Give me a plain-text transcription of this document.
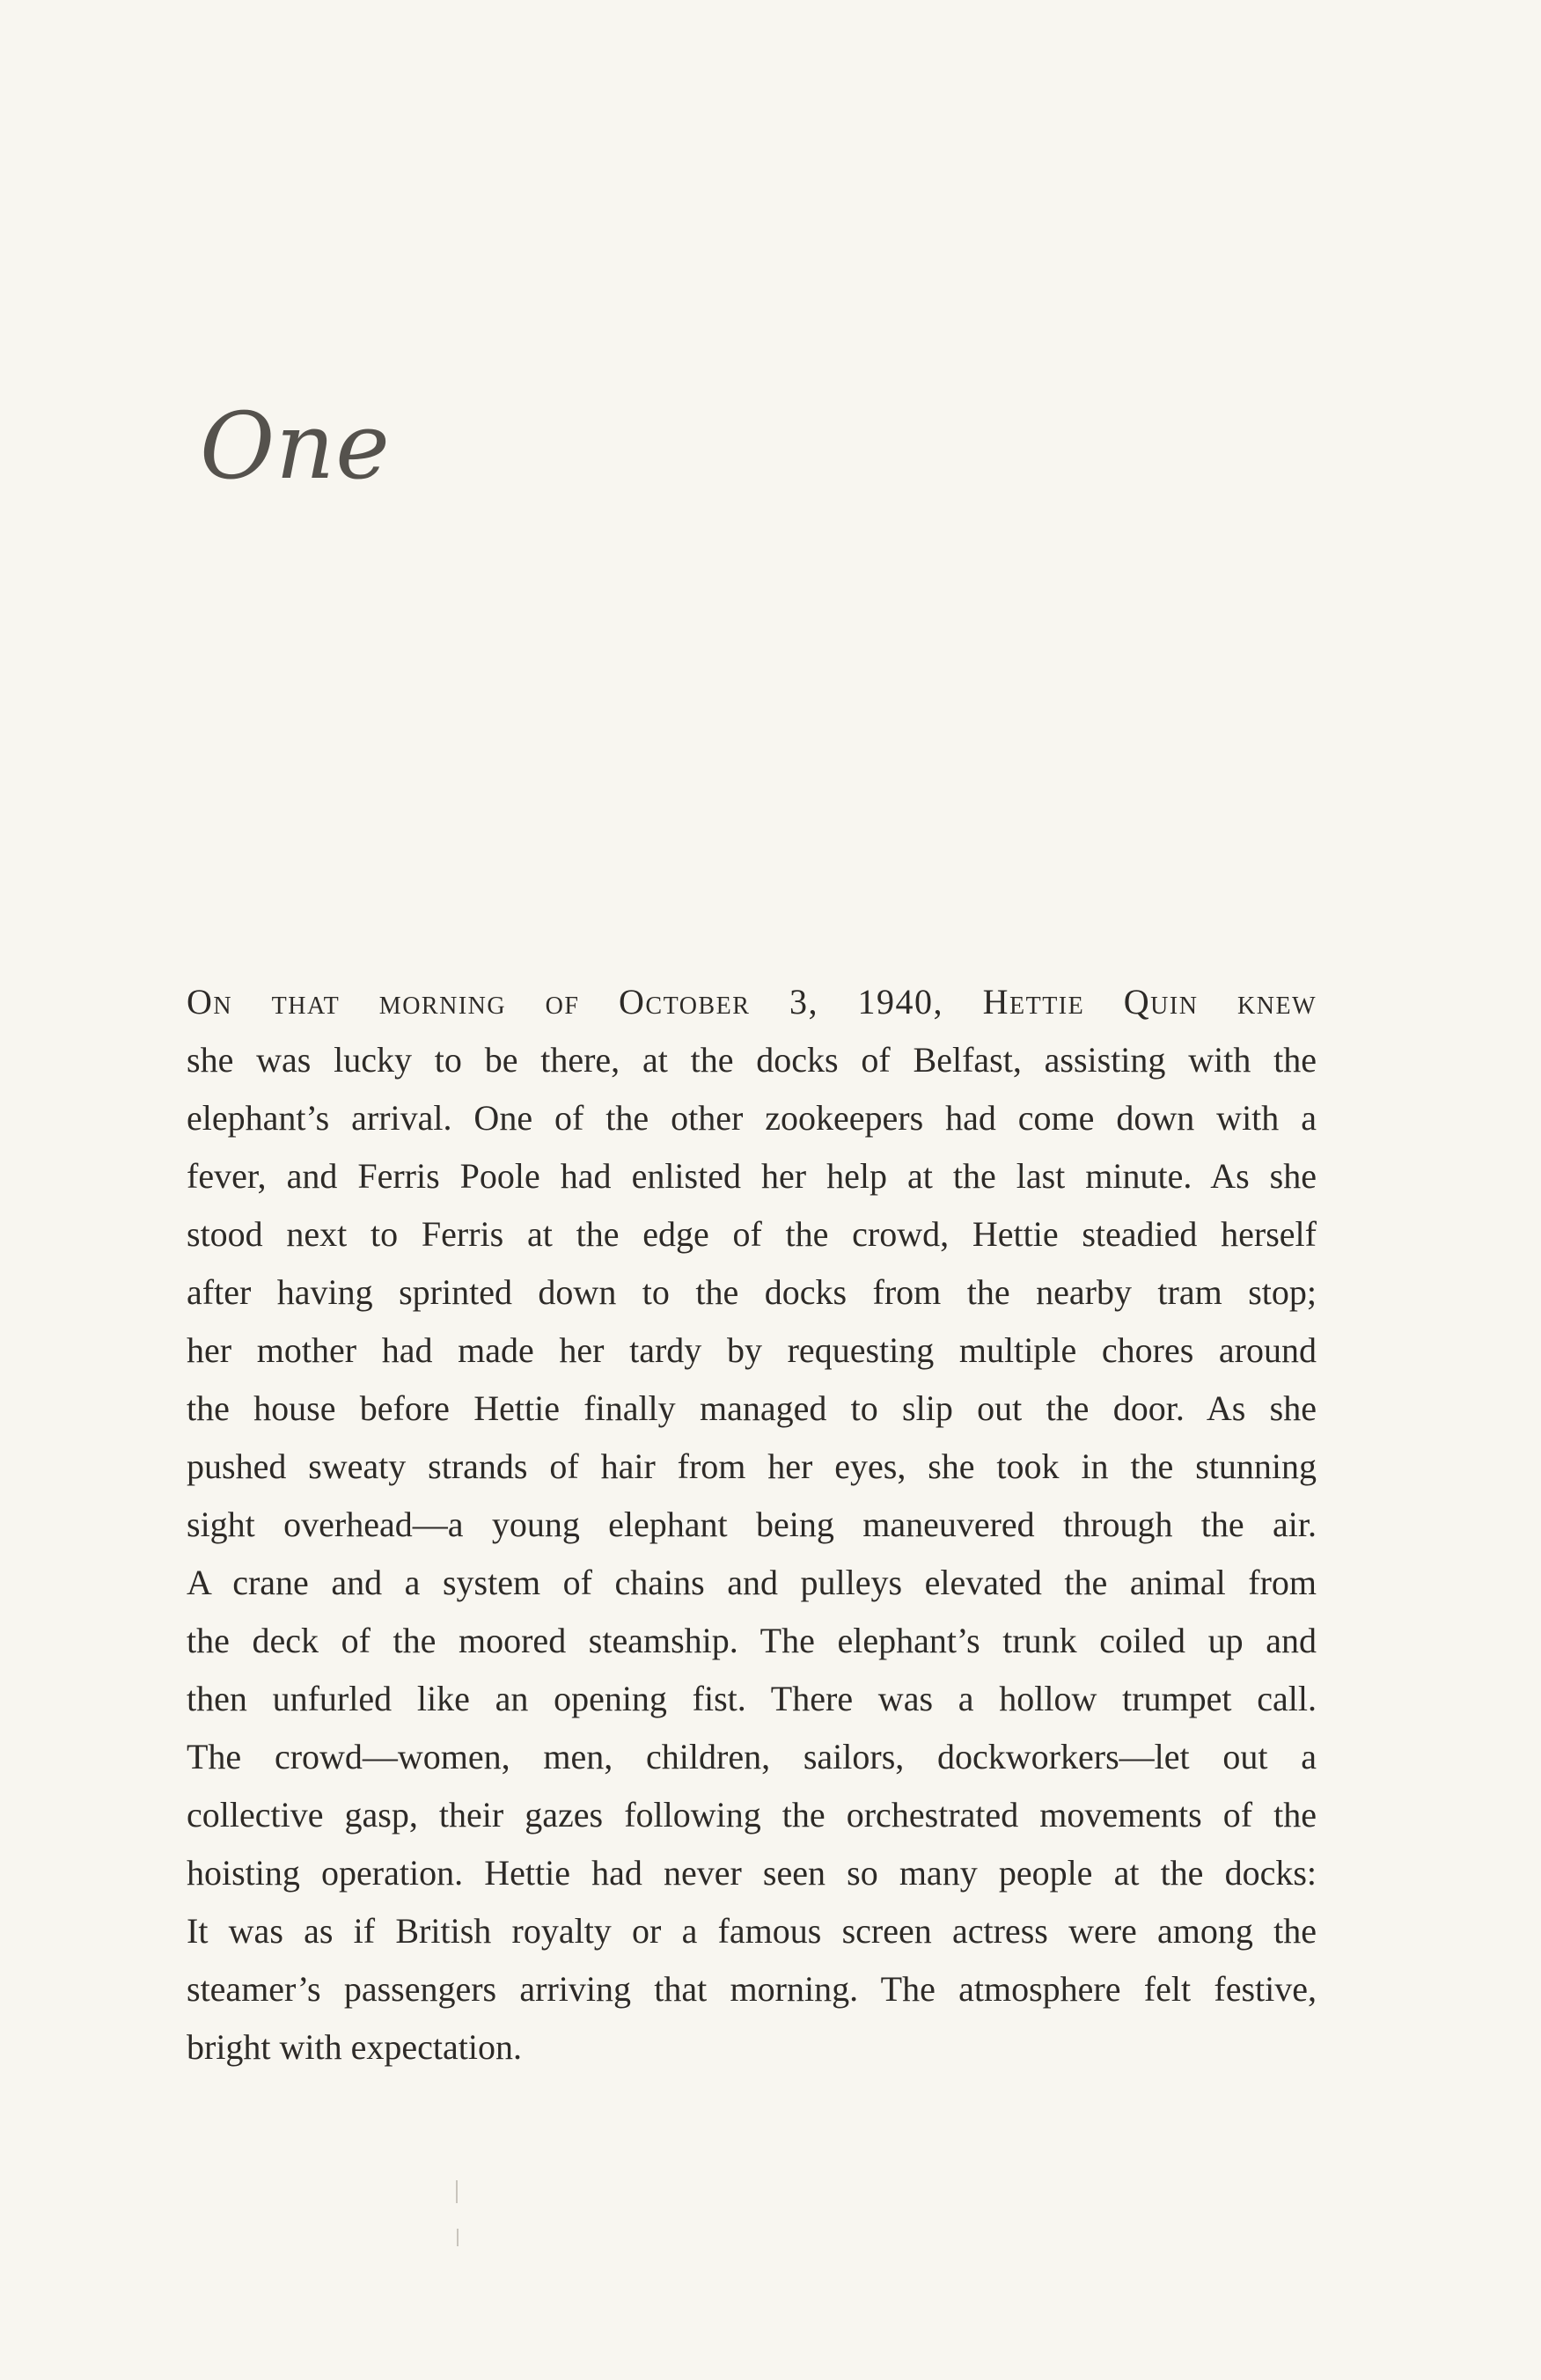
One
On that morning of October 3, 1940, Hettie Quin knew
she was lucky to be there, at the docks of Belfast, assisting with the
elephant’s arrival. One of the other zookeepers had come down with a
fever, and Ferris Poole had enlisted her help at the last minute. As she
stood next to Ferris at the edge of the crowd, Hettie steadied herself
after having sprinted down to the docks from the nearby tram stop;
her mother had made her tardy by requesting multiple chores around
the house before Hettie finally managed to slip out the door. As she
pushed sweaty strands of hair from her eyes, she took in the stunning
sight overhead—a young elephant being maneuvered through the air.
A crane and a system of chains and pulleys elevated the animal from
the deck of the moored steamship. The elephant’s trunk coiled up and
then unfurled like an opening fist. There was a hollow trumpet call.
The crowd—women, men, children, sailors, dockworkers—let out a
collective gasp, their gazes following the orchestrated movements of the
hoisting operation. Hettie had never seen so many people at the docks:
It was as if British royalty or a famous screen actress were among the
steamer’s passengers arriving that morning. The atmosphere felt festive,
bright with expectation.
